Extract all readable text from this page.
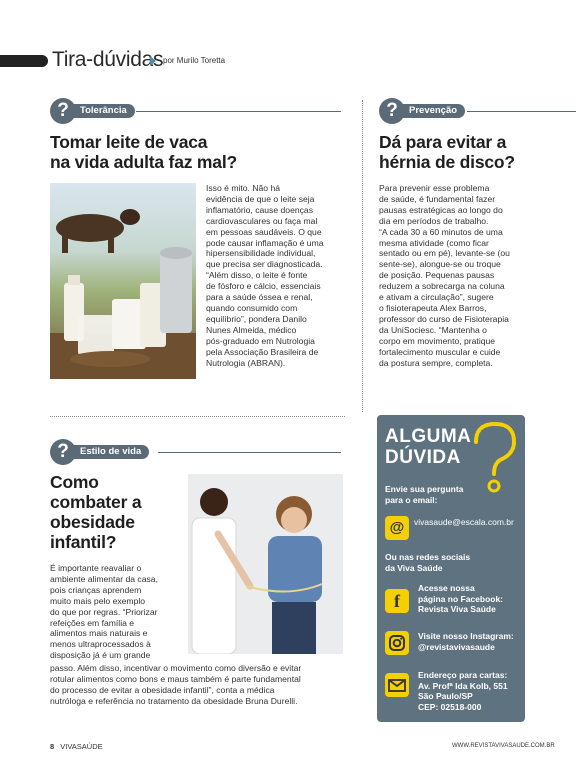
Tira-dúvidas por Murilo Toretta
Tolerância
?
Tomar leite de vaca
na vida adulta faz mal?
Isso é mito. Não há
evidência de que o leite seja
inflamatório, cause doenças
cardiovasculares ou faça mal
em pessoas saudáveis. O que
pode causar inflamação é uma
hipersensibilidade individual,
que precisa ser diagnosticada.
“Além disso, o leite é fonte
de fósforo e cálcio, essenciais
para a saúde óssea e renal,
quando consumido com
equilíbrio”, pondera Danilo
Nunes Almeida, médico
pós-graduado em Nutrologia
pela Associação Brasileira de
Nutrologia (ABRAN).
Prevenção
?
Dá para evitar a
hérnia de disco?
Para prevenir esse problema
de saúde, é fundamental fazer
pausas estratégicas ao longo do
dia em períodos de trabalho.
“A cada 30 a 60 minutos de uma
mesma atividade (como ficar
sentado ou em pé), levante-se (ou
sente-se), alongue-se ou troque
de posição. Pequenas pausas
reduzem a sobrecarga na coluna
e ativam a circulação”, sugere
o fisioterapeuta Alex Barros,
professor do curso de Fisioterapia
da UniSociesc. “Mantenha o
corpo em movimento, pratique
fortalecimento muscular e cuide
da postura sempre, completa.
Estilo de vida
?
Como
combater a
obesidade
infantil?
É importante reavaliar o
ambiente alimentar da casa,
pois crianças aprendem
muito mais pelo exemplo
do que por regras. “Priorizar
refeições em família e
alimentos mais naturais e
menos ultraprocessados à
disposição já é um grande
passo. Além disso, incentivar o movimento como diversão e evitar
rotular alimentos como bons e maus também é parte fundamental
do processo de evitar a obesidade infantil”, conta a médica
nutróloga e referência no tratamento da obesidade Bruna Durelli.
ALGUMA
DÚVIDA
Envie sua pergunta
para o email:
@	vivasaude@escala.com.br
Ou nas redes sociais
da Viva Saúde
f
Acesse nossa
página no Facebook:
Revista Viva Saúde
Visite nosso Instagram:
@revistavivasaude
Endereço para cartas:
Av. Profª Ida Kolb, 551
São Paulo/SP
CEP: 02518-000
8 VIVASAÚDE	WWW.REVISTAVIVASAUDE.COM.BR
